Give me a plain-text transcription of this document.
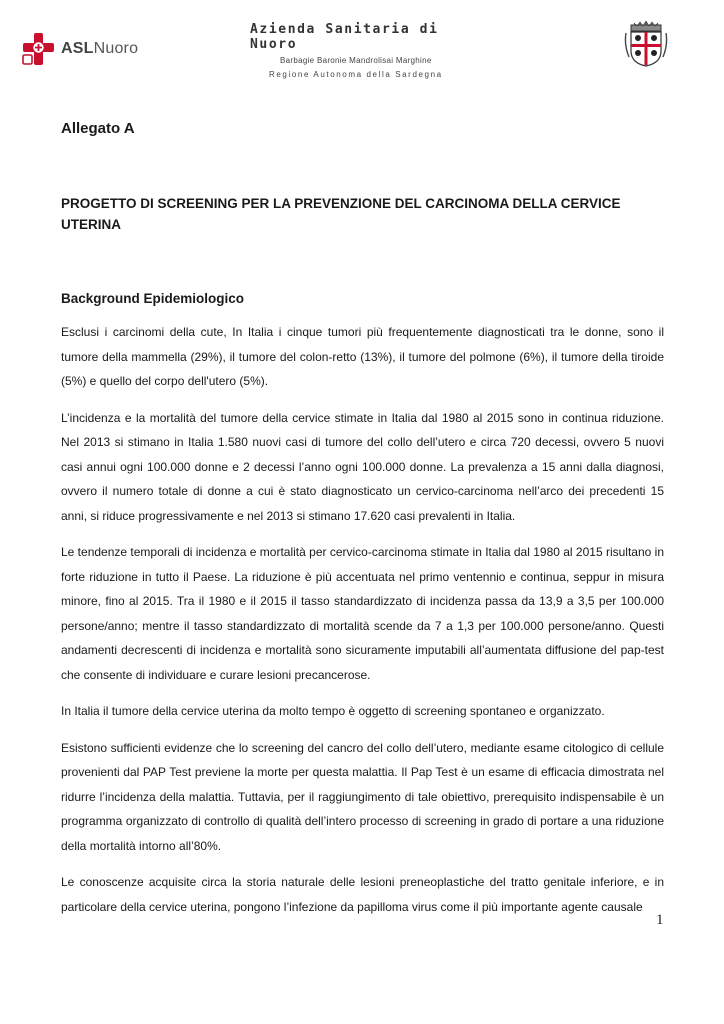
ASLNuoro
Azienda Sanitaria di Nuoro
Barbagie Baronie Mandrolisai Marghine
Regione Autonoma della Sardegna

Allegato A

PROGETTO DI SCREENING PER LA PREVENZIONE DEL CARCINOMA DELLA CERVICE UTERINA

Background Epidemiologico

Esclusi i carcinomi della cute, In Italia i cinque tumori più frequentemente diagnosticati tra le donne, sono il tumore della mammella (29%), il tumore del colon-retto (13%), il tumore del polmone (6%), il tumore della tiroide (5%) e quello del corpo dell'utero (5%).

L’incidenza e la mortalità del tumore della cervice stimate in Italia dal 1980 al 2015 sono in continua riduzione. Nel 2013 si stimano in Italia 1.580 nuovi casi di tumore del collo dell’utero e circa 720 decessi, ovvero 5 nuovi casi annui ogni 100.000 donne e 2 decessi l’anno ogni 100.000 donne. La prevalenza a 15 anni dalla diagnosi, ovvero il numero totale di donne a cui è stato diagnosticato un cervico-carcinoma nell’arco dei precedenti 15 anni, si riduce progressivamente e nel 2013 si stimano 17.620 casi prevalenti in Italia.

Le tendenze temporali di incidenza e mortalità per cervico-carcinoma stimate in Italia dal 1980 al 2015 risultano in forte riduzione in tutto il Paese. La riduzione è più accentuata nel primo ventennio e continua, seppur in misura minore, fino al 2015. Tra il 1980 e il 2015 il tasso standardizzato di incidenza passa da 13,9 a 3,5 per 100.000 persone/anno; mentre il tasso standardizzato di mortalità scende da 7 a 1,3 per 100.000 persone/anno. Questi andamenti decrescenti di incidenza e mortalità sono sicuramente imputabili all’aumentata diffusione del pap-test che consente di individuare e curare lesioni precancerose.

In Italia il tumore della cervice uterina da molto tempo è oggetto di screening spontaneo e organizzato.

Esistono sufficienti evidenze che lo screening del cancro del collo dell’utero, mediante esame citologico di cellule provenienti dal PAP Test previene la morte per questa malattia. Il Pap Test è un esame di efficacia dimostrata nel ridurre l’incidenza della malattia. Tuttavia, per il raggiungimento di tale obiettivo, prerequisito indispensabile è un programma organizzato di controllo di qualità dell’intero processo di screening in grado di portare a una riduzione della mortalità intorno all’80%.

Le conoscenze acquisite circa la storia naturale delle lesioni preneoplastiche del tratto genitale inferiore, e in particolare della cervice uterina, pongono l’infezione da papilloma virus come il più importante agente causale

1
